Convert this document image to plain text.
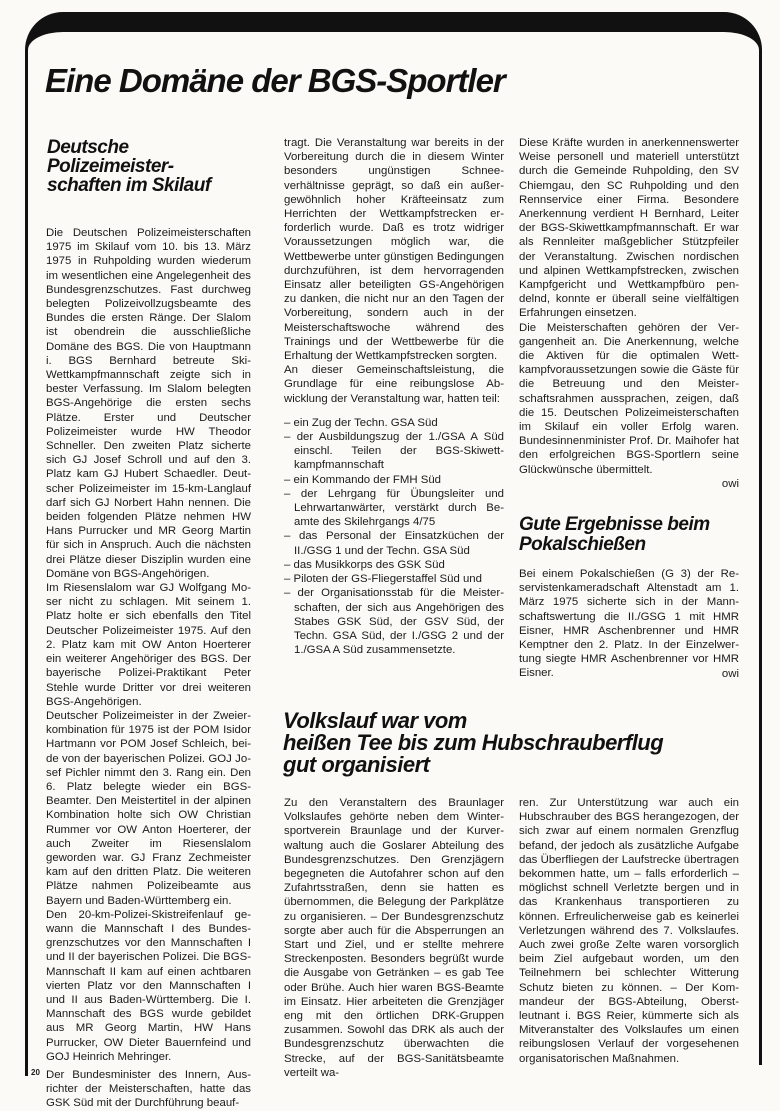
20
Eine Domäne der BGS-Sportler
Deutsche Polizeimeister-schaften im Skilauf

Die Deutschen Polizeimeisterschaften 1975 im Skilauf vom 10. bis 13. März 1975 in Ruhpolding wurden wiederum im wesentlichen eine Angelegenheit des Bundesgrenzschutzes. Fast durchweg belegten Polizeivollzugsbeamte des Bundes die ersten Ränge. Der Slalom ist obendrein die ausschließliche Domäne des BGS. Die von Hauptmann i. BGS Bernhard betreute Ski-Wettkampfmannschaft zeigte sich in bester Verfassung. Im Slalom belegten BGS-Angehörige die ersten sechs Plätze. Erster und Deutscher Polizeimeister wurde HW Theodor Schneller. Den zweiten Platz sicherte sich GJ Josef Schroll und auf den 3. Platz kam GJ Hubert Schaedler. Deutscher Polizeimeister im 15-km-Langlauf darf sich GJ Norbert Hahn nennen. Die beiden folgenden Plätze nehmen HW Hans Purrucker und MR Georg Martin für sich in Anspruch. Auch die nächsten drei Plätze dieser Disziplin wurden eine Domäne von BGS-Angehörigen.

Im Riesenslalom war GJ Wolfgang Moser nicht zu schlagen. Mit seinem 1. Platz holte er sich ebenfalls den Titel Deutscher Polizeimeister 1975. Auf den 2. Platz kam mit OW Anton Hoerterer ein weiterer Angehöriger des BGS. Der bayerische Polizei-Praktikant Peter Stehle wurde Dritter vor drei weiteren BGS-Angehörigen.

Deutscher Polizeimeister in der Zweierkombination für 1975 ist der POM Isidor Hartmann vor POM Josef Schleich, beide von der bayerischen Polizei. GOJ Josef Pichler nimmt den 3. Rang ein. Den 6. Platz belegte wieder ein BGS-Beamter. Den Meistertitel in der alpinen Kombination holte sich OW Christian Rummer vor OW Anton Hoerterer, der auch Zweiter im Riesenslalom geworden war. GJ Franz Zechmeister kam auf den dritten Platz. Die weiteren Plätze nahmen Polizeibeamte aus Bayern und Baden-Württemberg ein.

Den 20-km-Polizei-Skistreifenlauf gewann die Mannschaft I des Bundesgrenzschutzes vor den Mannschaften I und II der bayerischen Polizei. Die BGS-Mannschaft II kam auf einen achtbaren vierten Platz vor den Mannschaften I und II aus Baden-Württemberg. Die I. Mannschaft des BGS wurde gebildet aus MR Georg Martin, HW Hans Purrucker, OW Dieter Bauernfeind und GOJ Heinrich Mehringer.

Der Bundesminister des Innern, Ausrichter der Meisterschaften, hatte das GSK Süd mit der Durchführung beauf-

tragt. Die Veranstaltung war bereits in der Vorbereitung durch die in diesem Winter besonders ungünstigen Schneeverhältnisse geprägt, so daß ein außergewöhnlich hoher Kräfteeinsatz zum Herrichten der Wettkampfstrecken erforderlich wurde. Daß es trotz widriger Voraussetzungen möglich war, die Wettbewerbe unter günstigen Bedingungen durchzuführen, ist dem hervorragenden Einsatz aller beteiligten GS-Angehörigen zu danken, die nicht nur an den Tagen der Vorbereitung, sondern auch in der Meisterschaftswoche während des Trainings und der Wettbewerbe für die Erhaltung der Wettkampfstrecken sorgten.

An dieser Gemeinschaftsleistung, die Grundlage für eine reibungslose Abwicklung der Veranstaltung war, hatten teil:

– ein Zug der Techn. GSA Süd
– der Ausbildungszug der 1./GSA A Süd einschl. Teilen der BGS-Skiwettkampfmannschaft
– ein Kommando der FMH Süd
– der Lehrgang für Übungsleiter und Lehrwartanwärter, verstärkt durch Beamte des Skilehrgangs 4/75
– das Personal der Einsatzküchen der II./GSG 1 und der Techn. GSA Süd
– das Musikkorps des GSK Süd
– Piloten der GS-Fliegerstaffel Süd und
– der Organisationsstab für die Meisterschaften, der sich aus Angehörigen des Stabes GSK Süd, der GSV Süd, der Techn. GSA Süd, der I./GSG 2 und der 1./GSA A Süd zusammensetzte.

Diese Kräfte wurden in anerkennenswerter Weise personell und materiell unterstützt durch die Gemeinde Ruhpolding, den SV Chiemgau, den SC Ruhpolding und den Rennservice einer Firma. Besondere Anerkennung verdient H Bernhard, Leiter der BGS-Skiwettkampfmannschaft. Er war als Rennleiter maßgeblicher Stützpfeiler der Veranstaltung. Zwischen nordischen und alpinen Wettkampfstrecken, zwischen Kampfgericht und Wettkampfbüro pendelnd, konnte er überall seine vielfältigen Erfahrungen einsetzen.

Die Meisterschaften gehören der Vergangenheit an. Die Anerkennung, welche die Aktiven für die optimalen Wettkampfvoraussetzungen sowie die Gäste für die Betreuung und den Meisterschaftsrahmen aussprachen, zeigen, daß die 15. Deutschen Polizeimeisterschaften im Skilauf ein voller Erfolg waren. Bundesinnenminister Prof. Dr. Maihofer hat den erfolgreichen BGS-Sportlern seine Glückwünsche übermittelt.

owi

Gute Ergebnisse beim Pokalschießen

Bei einem Pokalschießen (G 3) der Reservistenkameradschaft Altenstadt am 1. März 1975 sicherte sich in der Mannschaftswertung die II./GSG 1 mit HMR Eisner, HMR Aschenbrenner und HMR Kemptner den 2. Platz. In der Einzelwertung siegte HMR Aschenbrenner vor HMR Eisner.	owi

Volkslauf war vom
heißen Tee bis zum Hubschrauberflug
gut organisiert

Zu den Veranstaltern des Braunlager Volkslaufes gehörte neben dem Wintersportverein Braunlage und der Kurverwaltung auch die Goslarer Abteilung des Bundesgrenzschutzes. Den Grenzjägern begegneten die Autofahrer schon auf den Zufahrtsstraßen, denn sie hatten es übernommen, die Belegung der Parkplätze zu organisieren. – Der Bundesgrenzschutz sorgte aber auch für die Absperrungen an Start und Ziel, und er stellte mehrere Streckenposten. Besonders begrüßt wurde die Ausgabe von Getränken – es gab Tee oder Brühe. Auch hier waren BGS-Beamte im Einsatz. Hier arbeiteten die Grenzjäger eng mit den örtlichen DRK-Gruppen zusammen. Sowohl das DRK als auch der Bundesgrenzschutz überwachten die Strecke, auf der BGS-Sanitätsbeamte verteilt wa-

ren. Zur Unterstützung war auch ein Hubschrauber des BGS herangezogen, der sich zwar auf einem normalen Grenzflug befand, der jedoch als zusätzliche Aufgabe das Überfliegen der Laufstrecke übertragen bekommen hatte, um – falls erforderlich – möglichst schnell Verletzte bergen und in das Krankenhaus transportieren zu können. Erfreulicherweise gab es keinerlei Verletzungen während des 7. Volkslaufes. Auch zwei große Zelte waren vorsorglich beim Ziel aufgebaut worden, um den Teilnehmern bei schlechter Witterung Schutz bieten zu können. – Der Kommandeur der BGS-Abteilung, Oberstleutnant i. BGS Reier, kümmerte sich als Mitveranstalter des Volkslaufes um einen reibungslosen Verlauf der vorgesehenen organisatorischen Maßnahmen.
